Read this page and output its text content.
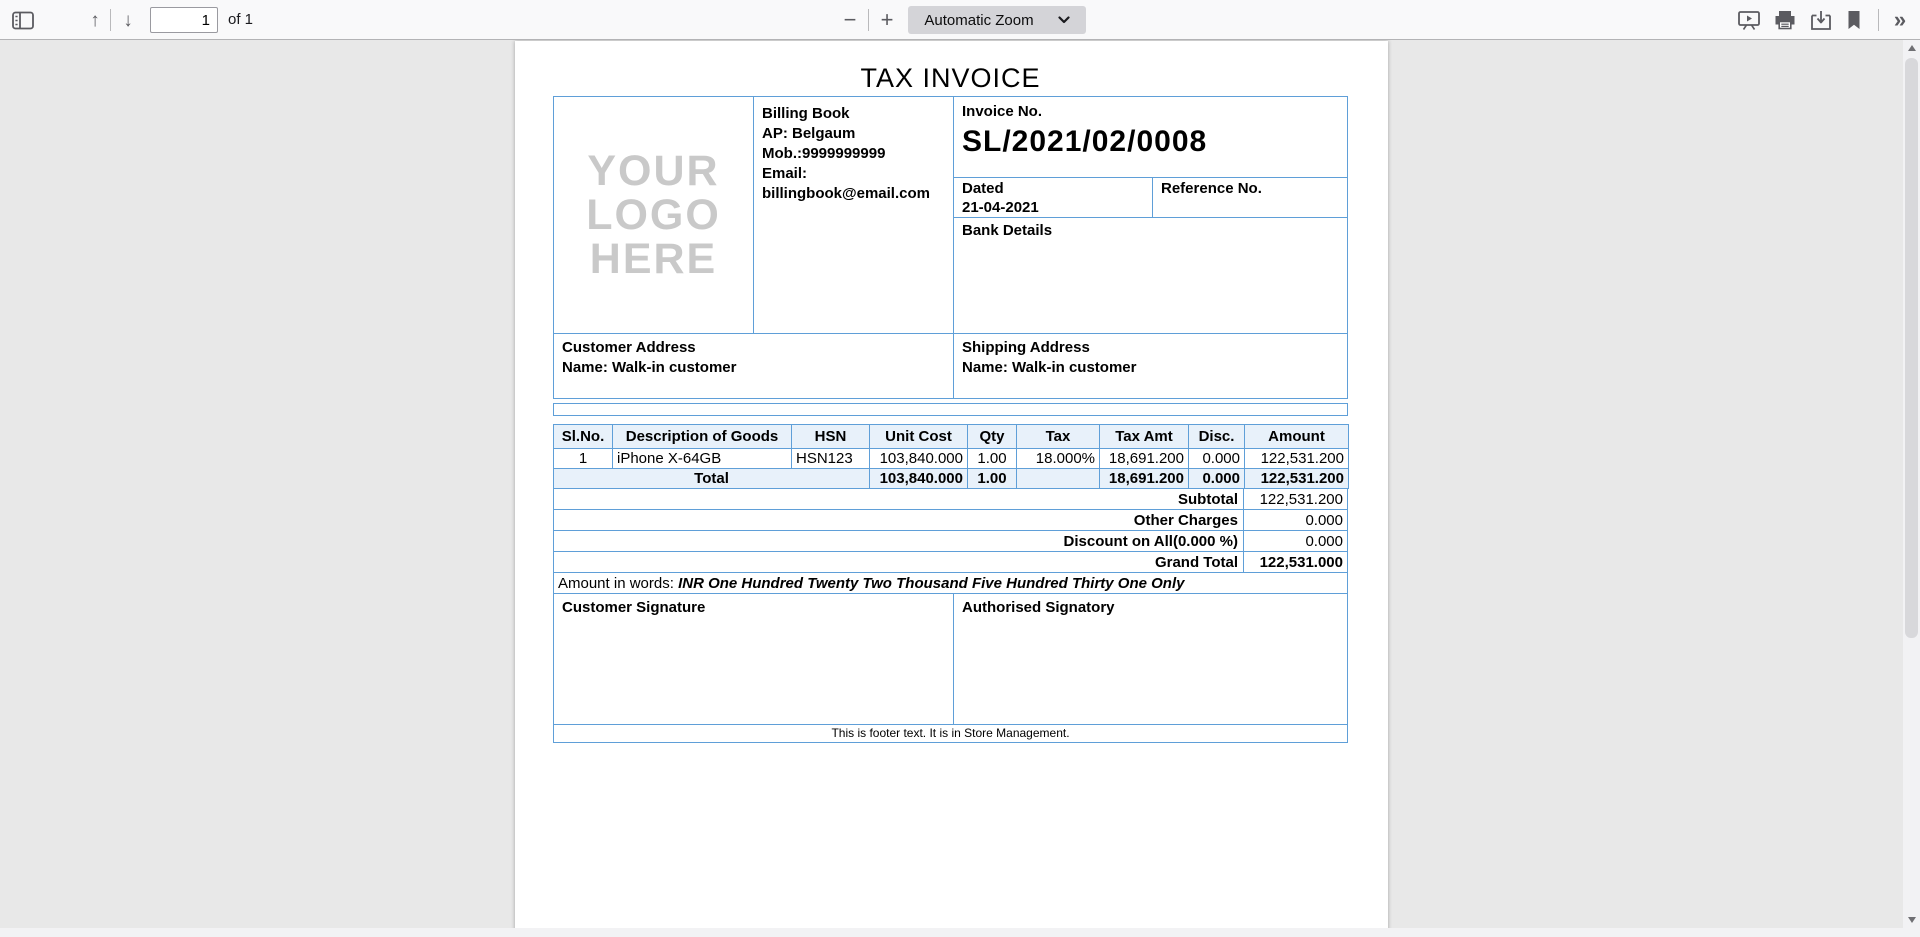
↑ ↓
1	of 1	− + Automatic Zoom	»
TAX INVOICE
YOUR
LOGO
HERE
Billing Book
AP: Belgaum
Mob.:9999999999
Email:
billingbook@email.com
Invoice No.
SL/2021/02/0008
Dated
21-04-2021
Reference No.
Bank Details
Customer Address
Name: Walk-in customer
Shipping Address
Name: Walk-in customer
Sl.No.	Description of Goods	HSN	Unit Cost	Qty	Tax	Tax Amt	Disc.	Amount
1	iPhone X-64GB	HSN123	103,840.000	1.00	18.000%	18,691.200	0.000	122,531.200
Total			103,840.000	1.00		18,691.200	0.000	122,531.200
Subtotal	122,531.200
Other Charges	0.000
Discount on All(0.000 %)	0.000
Grand Total	122,531.000
Amount in words: INR One Hundred Twenty Two Thousand Five Hundred Thirty One Only
Customer Signature	Authorised Signatory
This is footer text. It is in Store Management.
